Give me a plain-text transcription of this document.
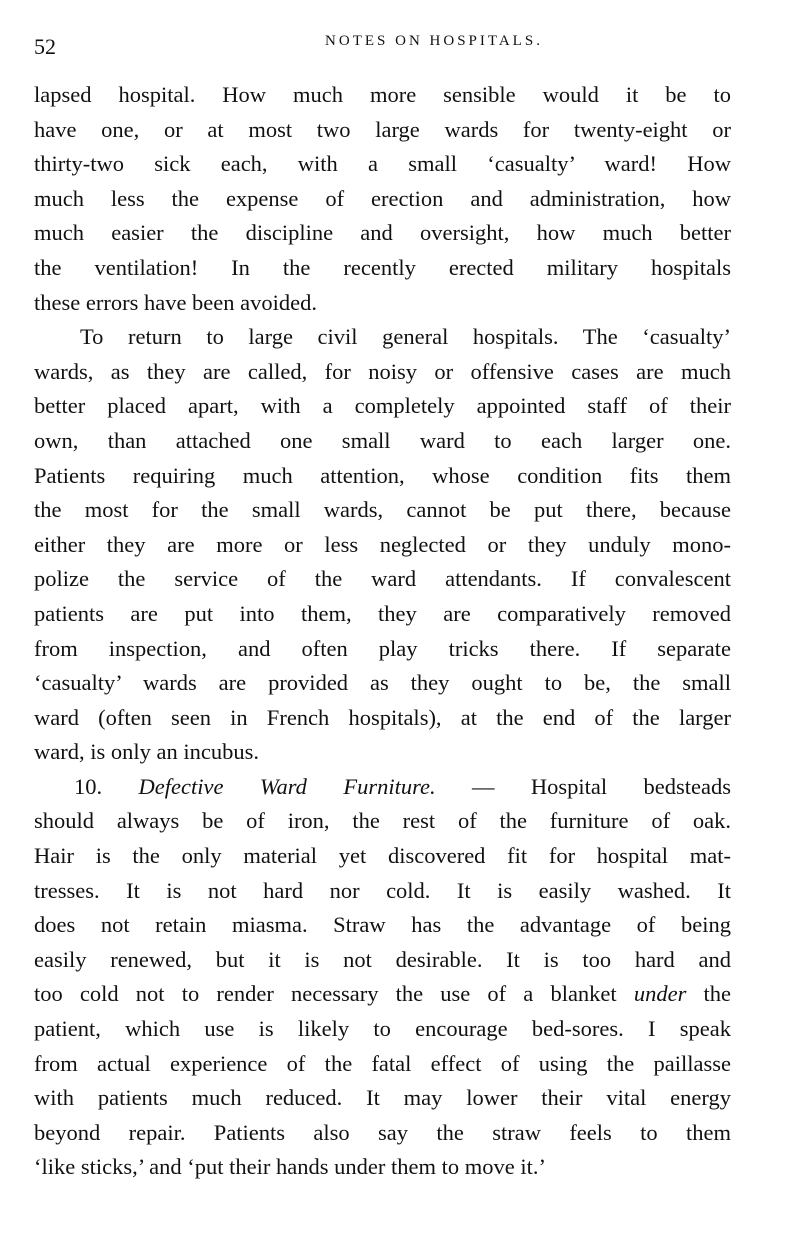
52	NOTES ON HOSPITALS.
lapsed hospital. How much more sensible would it be to
have one, or at most two large wards for twenty-eight or
thirty-two sick each, with a small ‘casualty’ ward! How
much less the expense of erection and administration, how
much easier the discipline and oversight, how much better
the ventilation! In the recently erected military hospitals
these errors have been avoided.
To return to large civil general hospitals. The ‘casualty’
wards, as they are called, for noisy or offensive cases are much
better placed apart, with a completely appointed staff of their
own, than attached one small ward to each larger one.
Patients requiring much attention, whose condition fits them
the most for the small wards, cannot be put there, because
either they are more or less neglected or they unduly mono-
polize the service of the ward attendants. If convalescent
patients are put into them, they are comparatively removed
from inspection, and often play tricks there. If separate
‘casualty’ wards are provided as they ought to be, the small
ward (often seen in French hospitals), at the end of the larger
ward, is only an incubus.
10. Defective Ward Furniture. — Hospital bedsteads
should always be of iron, the rest of the furniture of oak.
Hair is the only material yet discovered fit for hospital mat-
tresses. It is not hard nor cold. It is easily washed. It
does not retain miasma. Straw has the advantage of being
easily renewed, but it is not desirable. It is too hard and
too cold not to render necessary the use of a blanket under the
patient, which use is likely to encourage bed-sores. I speak
from actual experience of the fatal effect of using the paillasse
with patients much reduced. It may lower their vital energy
beyond repair. Patients also say the straw feels to them
‘like sticks,’ and ‘put their hands under them to move it.’
